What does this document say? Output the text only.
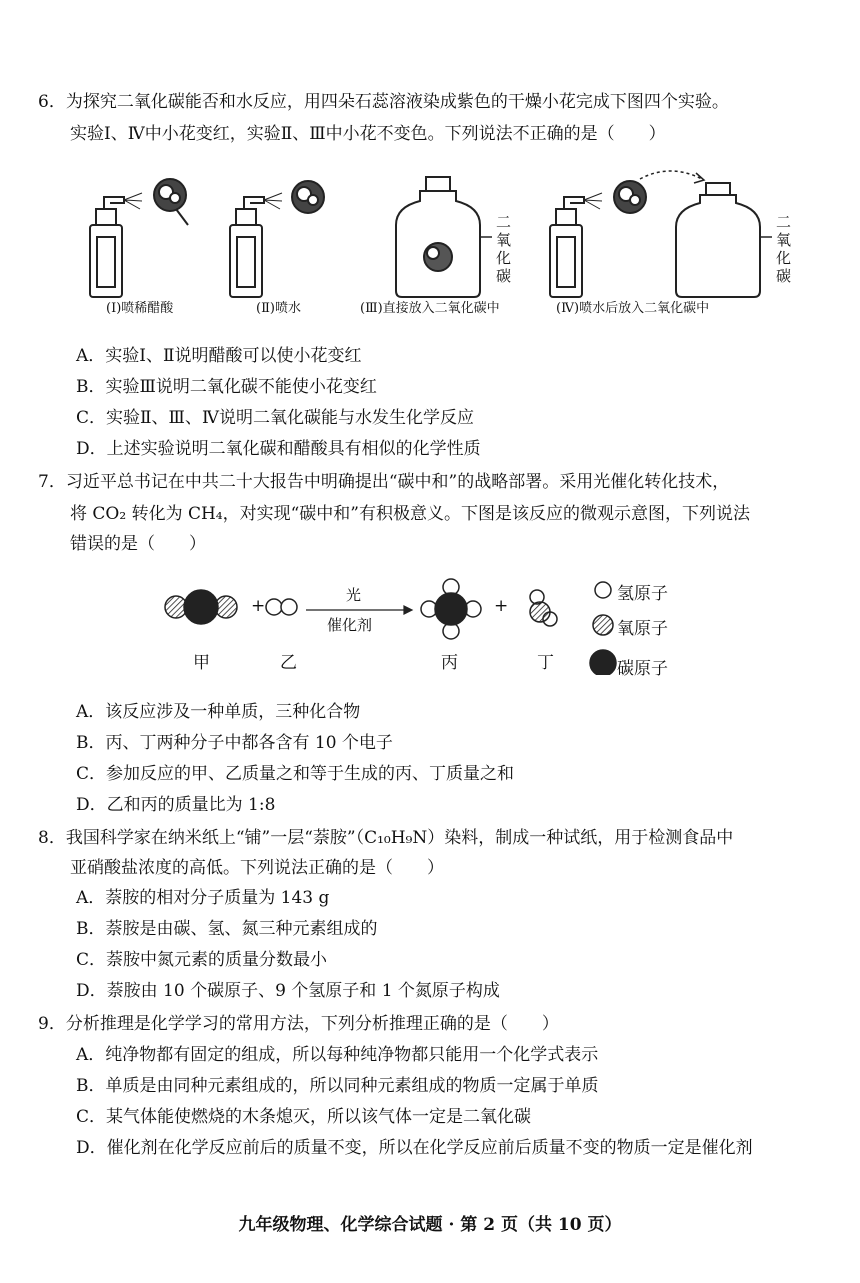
6．为探究二氧化碳能否和水反应，用四朵石蕊溶液染成紫色的干燥小花完成下图四个实验。
实验Ⅰ、Ⅳ中小花变红，实验Ⅱ、Ⅲ中小花不变色。下列说法不正确的是（　　）
二
氧
化
碳
二
氧
化
碳
(Ⅰ)喷稀醋酸	(Ⅱ)喷水	(Ⅲ)直接放入二氧化碳中	(Ⅳ)喷水后放入二氧化碳中
A．实验Ⅰ、Ⅱ说明醋酸可以使小花变红
B．实验Ⅲ说明二氧化碳不能使小花变红
C．实验Ⅱ、Ⅲ、Ⅳ说明二氧化碳能与水发生化学反应
D．上述实验说明二氧化碳和醋酸具有相似的化学性质
7．习近平总书记在中共二十大报告中明确提出“碳中和”的战略部署。采用光催化转化技术，
将 CO₂ 转化为 CH₄，对实现“碳中和”有积极意义。下图是该反应的微观示意图，下列说法
错误的是（　　）
+	+
光
催化剂
甲	乙	丙	丁
氢原子
氧原子
碳原子
A．该反应涉及一种单质，三种化合物
B．丙、丁两种分子中都各含有 10 个电子
C．参加反应的甲、乙质量之和等于生成的丙、丁质量之和
D．乙和丙的质量比为 1:8
8．我国科学家在纳米纸上“铺”一层“萘胺”（C₁₀H₉N）染料，制成一种试纸，用于检测食品中
亚硝酸盐浓度的高低。下列说法正确的是（　　）
A．萘胺的相对分子质量为 143 g
B．萘胺是由碳、氢、氮三种元素组成的
C．萘胺中氮元素的质量分数最小
D．萘胺由 10 个碳原子、9 个氢原子和 1 个氮原子构成
9．分析推理是化学学习的常用方法，下列分析推理正确的是（　　）
A．纯净物都有固定的组成，所以每种纯净物都只能用一个化学式表示
B．单质是由同种元素组成的，所以同种元素组成的物质一定属于单质
C．某气体能使燃烧的木条熄灭，所以该气体一定是二氧化碳
D．催化剂在化学反应前后的质量不变，所以在化学反应前后质量不变的物质一定是催化剂
九年级物理、化学综合试题 · 第 2 页（共 10 页）
